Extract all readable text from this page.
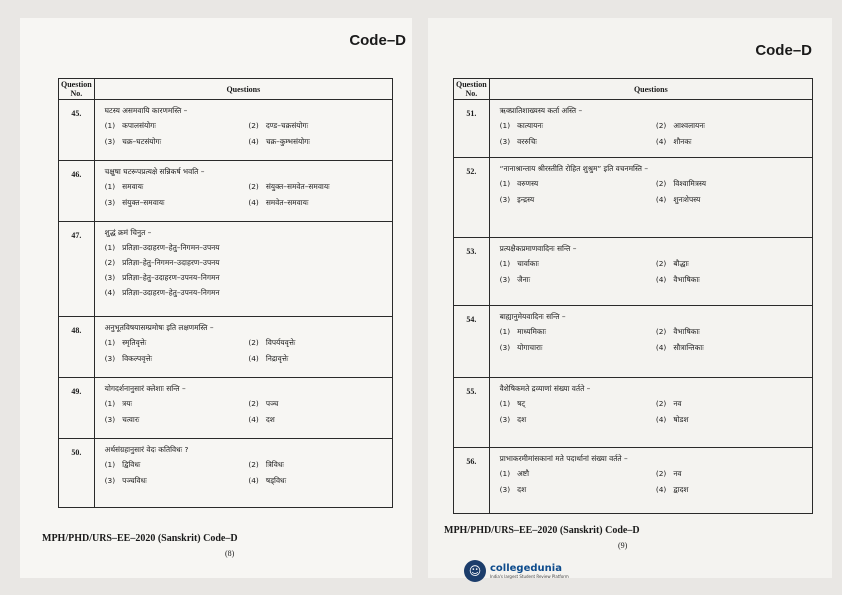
Code–D
Question No.	Questions
45.	घटस्य असमवायि कारणमस्ति –
(1) कपालसंयोगः (2) दण्ड–चक्रसंयोगः
(3) चक्र–घटसंयोगः (4) चक्र–कुम्भसंयोगः

46.	चक्षुषा घटरूपप्रत्यक्षे सन्निकर्ष भवति –
(1) समवायः (2) संयुक्त–समवेत–समवायः
(3) संयुक्त–समवायः (4) समवेत–समवायः

47.	शुद्धं क्रमं चिनुत –
(1) प्रतिज्ञा–उदाहरण–हेतु–निगमन–उपनय
(2) प्रतिज्ञा–हेतु–निगमन–उदाहरण–उपनय
(3) प्रतिज्ञा–हेतु–उदाहरण–उपनय–निगमन
(4) प्रतिज्ञा–उदाहरण–हेतु–उपनय–निगमन

48.	अनुभूतविषयासम्प्रमोषः इति लक्षणमस्ति –
(1) स्मृतिवृत्तेः (2) विपर्ययवृत्तेः
(3) विकल्पवृत्तेः (4) निद्रावृत्तेः

49.	योगदर्शनानुसारं क्लेशाः सन्ति –
(1) त्रयः (2) पञ्च
(3) चत्वारः (4) दश

50.	अर्थसंग्रहानुसारं वेदः कतिविधः ?
(1) द्विविधः (2) त्रिविधः
(3) पञ्चविधः (4) षड्विधः
MPH/PHD/URS–EE–2020 (Sanskrit) Code–D
(8)
Code–D
Question No.	Questions
51.	ऋक्प्रातिशाख्यस्य कर्ता अस्ति –
(1) कात्यायनः (2) आश्वलायनः
(3) वररुचिः (4) शौनकः

52.	“नानाश्रान्ताय श्रीरस्तीति रोहित शुश्रुम” इति वचनमस्ति –
(1) वरुणस्य (2) विश्वामित्रस्य
(3) इन्द्रस्य (4) शुनःशेपस्य

53.	प्रत्यक्षैकप्रमाणवादिनः सन्ति –
(1) चार्वाकाः (2) बौद्धाः
(3) जैनाः (4) वैभाषिकाः

54.	बाह्यानुमेयवादिनः सन्ति –
(1) माध्यमिकाः (2) वैभाषिकाः
(3) योगाचाराः (4) सौत्रान्तिकाः

55.	वैशेषिकमते द्रव्याणां संख्या वर्तते –
(1) षट् (2) नव
(3) दश (4) षोडश

56.	प्राभाकरमीमांसकानां मते पदार्थानां संख्या वर्तते –
(1) अष्टौ (2) नव
(3) दश (4) द्वादश
MPH/PHD/URS–EE–2020 (Sanskrit) Code–D
(9)
☺ collegedunia
India's largest Student Review Platform
